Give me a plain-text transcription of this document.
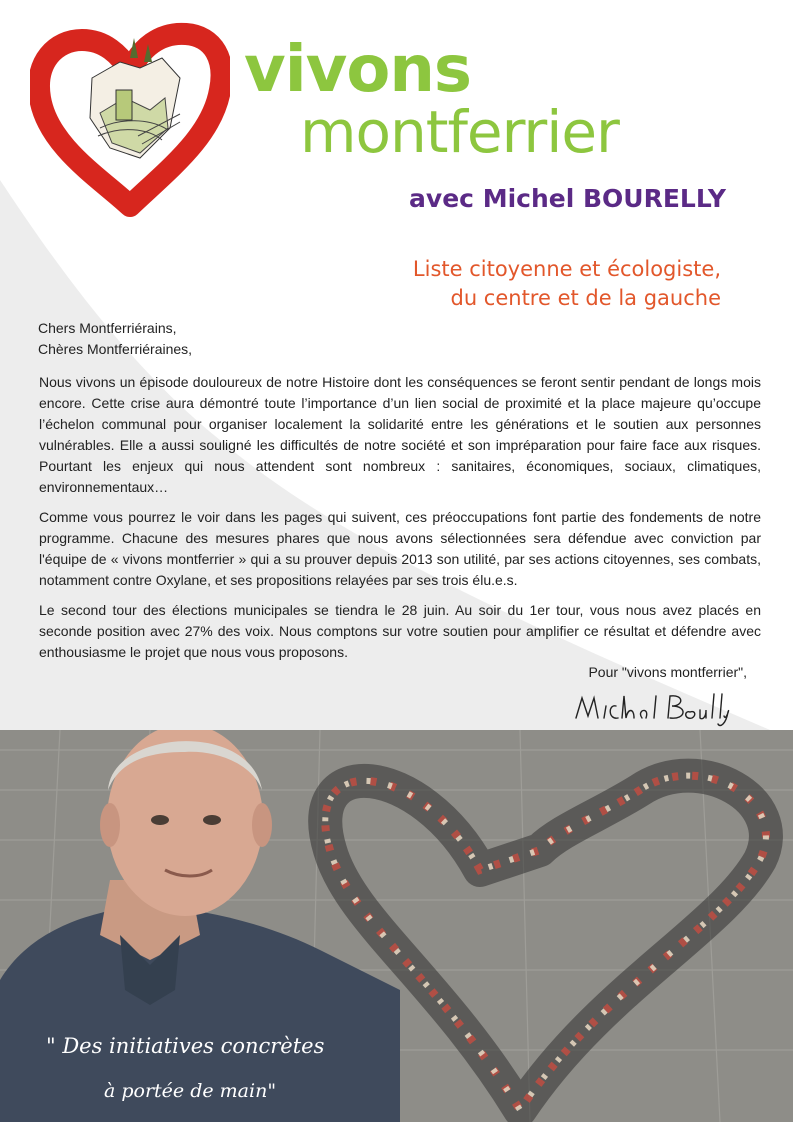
vivons
montferrier
avec Michel BOURELLY
Liste citoyenne et écologiste,
du centre et de la gauche
Chers Montferriérains,
Chères Montferriéraines,

Nous vivons un épisode douloureux de notre Histoire dont les conséquences se feront sentir pendant de longs mois encore. Cette crise aura démontré toute l’importance d’un lien social de proximité et la place majeure qu’occupe l’échelon communal pour organiser localement la solidarité entre les générations et le soutien aux personnes vulnérables. Elle a aussi souligné les difficultés de notre société et son impréparation pour faire face aux risques. Pourtant les enjeux qui nous attendent sont nombreux : sanitaires, économiques, sociaux, climatiques, environnementaux…

Comme vous pourrez le voir dans les pages qui suivent, ces préoccupations font partie des fondements de notre programme. Chacune des mesures phares que nous avons sélectionnées sera défendue avec conviction par l'équipe de « vivons montferrier » qui a su prouver depuis 2013 son utilité, par ses actions citoyennes, ses combats, notamment contre Oxylane, et ses propositions relayées par ses trois élu.e.s.

Le second tour des élections municipales se tiendra le 28 juin. Au soir du 1er tour, vous nous avez placés en seconde position avec 27% des voix. Nous comptons sur votre soutien pour amplifier ce résultat et défendre avec enthousiasme le projet que nous vous proposons.

Pour "vivons montferrier",
" Des initiatives concrètes
à portée de main"
